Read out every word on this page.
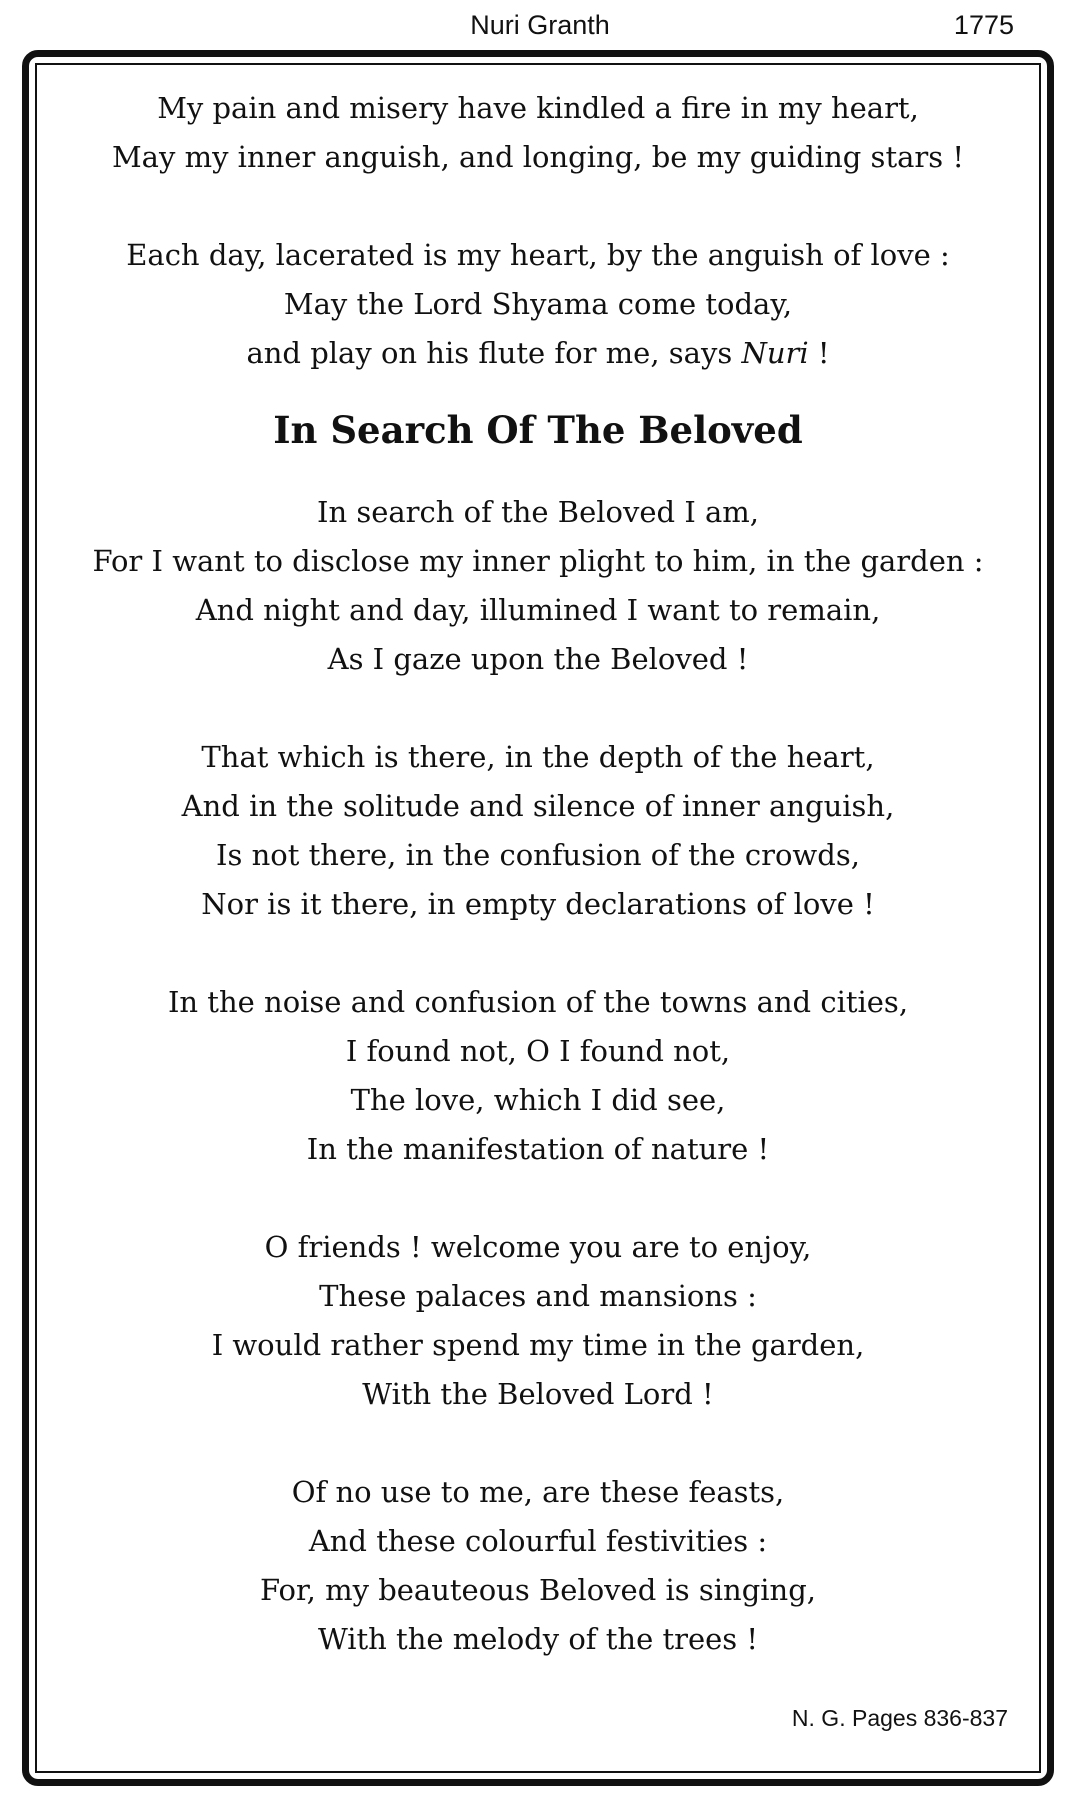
Nuri Granth	1775
My pain and misery have kindled a fire in my heart,
May my inner anguish, and longing, be my guiding stars !
Each day, lacerated is my heart, by the anguish of love :
May the Lord Shyama come today,
and play on his flute for me, says Nuri !
In Search Of The Beloved
In search of the Beloved I am,
For I want to disclose my inner plight to him, in the garden :
And night and day, illumined I want to remain,
As I gaze upon the Beloved !
That which is there, in the depth of the heart,
And in the solitude and silence of inner anguish,
Is not there, in the confusion of the crowds,
Nor is it there, in empty declarations of love !
In the noise and confusion of the towns and cities,
I found not, O I found not,
The love, which I did see,
In the manifestation of nature !
O friends ! welcome you are to enjoy,
These palaces and mansions :
I would rather spend my time in the garden,
With the Beloved Lord !
Of no use to me, are these feasts,
And these colourful festivities :
For, my beauteous Beloved is singing,
With the melody of the trees !
N. G. Pages 836-837
